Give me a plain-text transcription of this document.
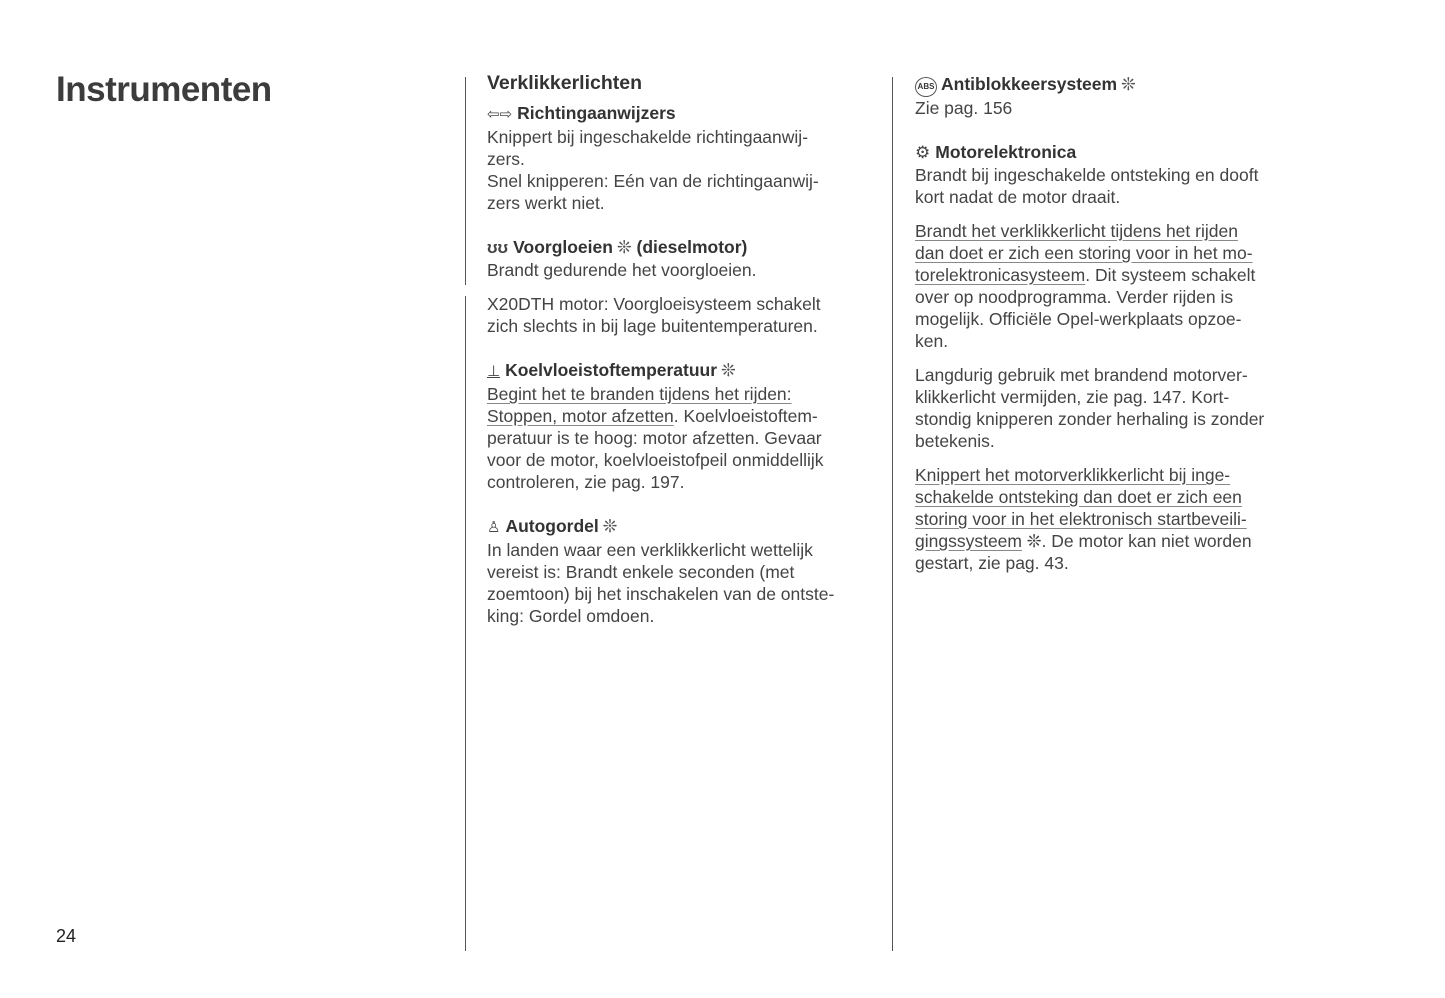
Instrumenten
24
Verklikkerlichten
⇦⇨ Richtingaanwijzers

Knippert bij ingeschakelde richtingaanwij-
zers.
Snel knipperen: Eén van de richtingaanwij-
zers werkt niet.

ʊʊ Voorgloeien ❊ (dieselmotor)

Brandt gedurende het voorgloeien.

X20DTH motor: Voorgloeisysteem schakelt
zich slechts in bij lage buitentemperaturen.

⊥ Koelvloeistoftemperatuur ❊

Begint het te branden tijdens het rijden:
Stoppen, motor afzetten. Koelvloeistoftem-
peratuur is te hoog: motor afzetten. Gevaar
voor de motor, koelvloeistofpeil onmiddellijk
controleren, zie pag. 197.

♙ Autogordel ❊

In landen waar een verklikkerlicht wettelijk
vereist is: Brandt enkele seconden (met
zoemtoon) bij het inschakelen van de ontste-
king: Gordel omdoen.

ABS Antiblokkeersysteem ❊

Zie pag. 156

⚙ Motorelektronica

Brandt bij ingeschakelde ontsteking en dooft
kort nadat de motor draait.

Brandt het verklikkerlicht tijdens het rijden
dan doet er zich een storing voor in het mo-
torelektronicasysteem. Dit systeem schakelt
over op noodprogramma. Verder rijden is
mogelijk. Officiële Opel-werkplaats opzoe-
ken.

Langdurig gebruik met brandend motorver-
klikkerlicht vermijden, zie pag. 147. Kort-
stondig knipperen zonder herhaling is zonder
betekenis.

Knippert het motorverklikkerlicht bij inge-
schakelde ontsteking dan doet er zich een
storing voor in het elektronisch startbeveili-
gingssysteem ❊. De motor kan niet worden
gestart, zie pag. 43.
